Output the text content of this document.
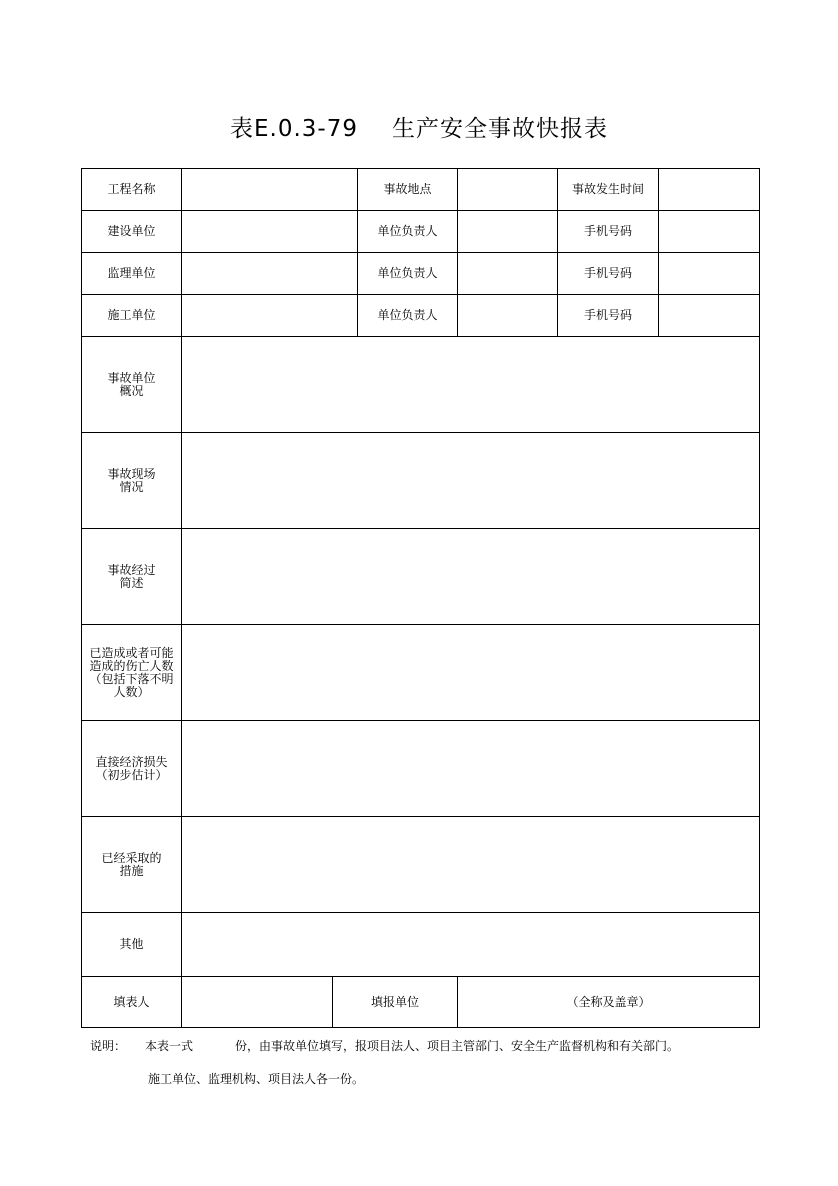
表E.0.3-79 生产安全事故快报表
工程名称			事故地点		事故发生时间	
建设单位			单位负责人		手机号码	
监理单位			单位负责人		手机号码	
施工单位			单位负责人		手机号码	
事故单位概况						
事故现场情况						
事故经过简述						
已造成或者可能造成的伤亡人数（包括下落不明人数）						
直接经济损失（初步估计）						
已经采取的措施						
其他						
填表人		填报单位		（全称及盖章）		
说明： 本表一式	份，由事故单位填写，报项目法人、项目主管部门、安全生产监督机构和有关部门。
施工单位、监理机构、项目法人各一份。
